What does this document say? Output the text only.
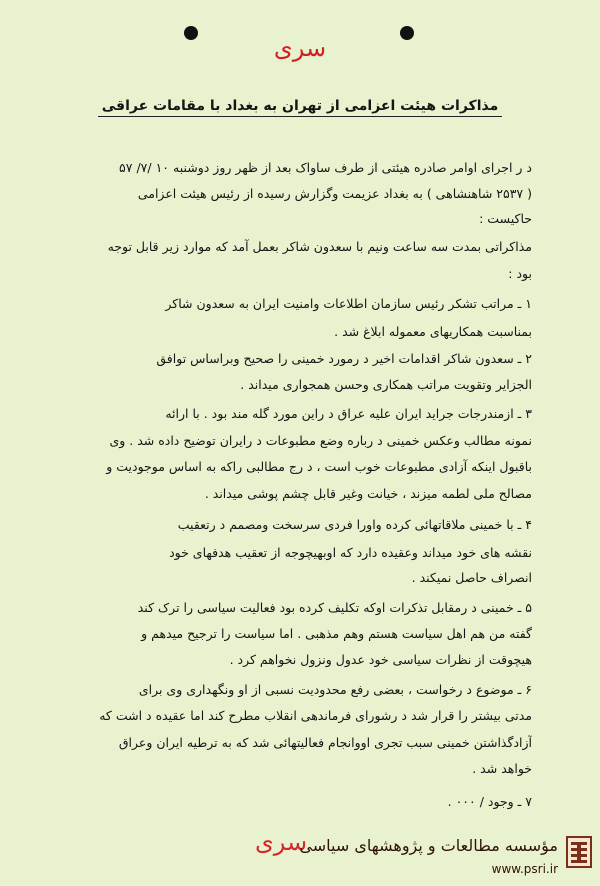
سری
مذاکرات هیئت اعزامی از تهران به بغداد با مقامات عراقی
د ر اجرای اوامر صادره هیئتی از طرف ساواک بعد از ظهر روز دوشنبه ۱۰ /۷/ ۵۷
( ۲۵۳۷ شاهنشاهی ) به بغداد عزیمت وگزارش رسیده از رئیس هیئت اعزامی
حاکیست :
مذاکراتی بمدت سه ساعت ونیم با سعدون شاکر بعمل آمد که موارد زیر قابل توجه
بود :
۱ ـ مراتب تشکر رئیس سازمان اطلاعات وامنیت ایران به سعدون شاکر
بمناسبت همکاریهای معموله ابلاغ شد .
۲ ـ سعدون شاکر اقدامات اخیر د رمورد خمینی را صحیح وبراساس توافق
الجزایر وتقویت مراتب همکاری وحسن همجواری میداند .
۳ ـ ازمندرجات جراید ایران علیه عراق د راین مورد گله مند بود . با ارائه
نمونه مطالب وعکس خمینی د رباره وضع مطبوعات د رایران توضیح داده شد . وی
باقبول اینکه آزادی مطبوعات خوب است ، د رج مطالبی راکه به اساس موجودیت و
مصالح ملی لطمه میزند ، خیانت وغیر قابل چشم پوشی میداند .
۴ ـ با خمینی ملاقاتهائی کرده واورا فردی سرسخت ومصمم د رتعقیب
نقشه های خود میداند وعقیده دارد که اوبهیچوجه از تعقیب هدفهای خود
انصراف حاصل نمیکند .
۵ ـ خمینی د رمقابل تذکرات اوکه تکلیف کرده بود فعالیت سیاسی را ترک کند
گفته من هم اهل سیاست هستم وهم مذهبی . اما سیاست را ترجیح میدهم و
هیچوقت از نظرات سیاسی خود عدول ونزول نخواهم کرد .
۶ ـ موضوع د رخواست ، بعضی رفع محدودیت نسبی از او ونگهداری وی برای
مدتی بیشتر را قرار شد د رشورای فرماندهی انقلاب مطرح کند اما عقیده د اشت که
آزادگذاشتن خمینی سبب تجری اووانجام فعالیتهائی شد که به ترطیه ایران وعراق
خواهد شد .
۷ ـ وجود / ۰۰۰ .
سری
مؤسسه مطالعات و پژوهشهای سیاسی
www.psri.ir
